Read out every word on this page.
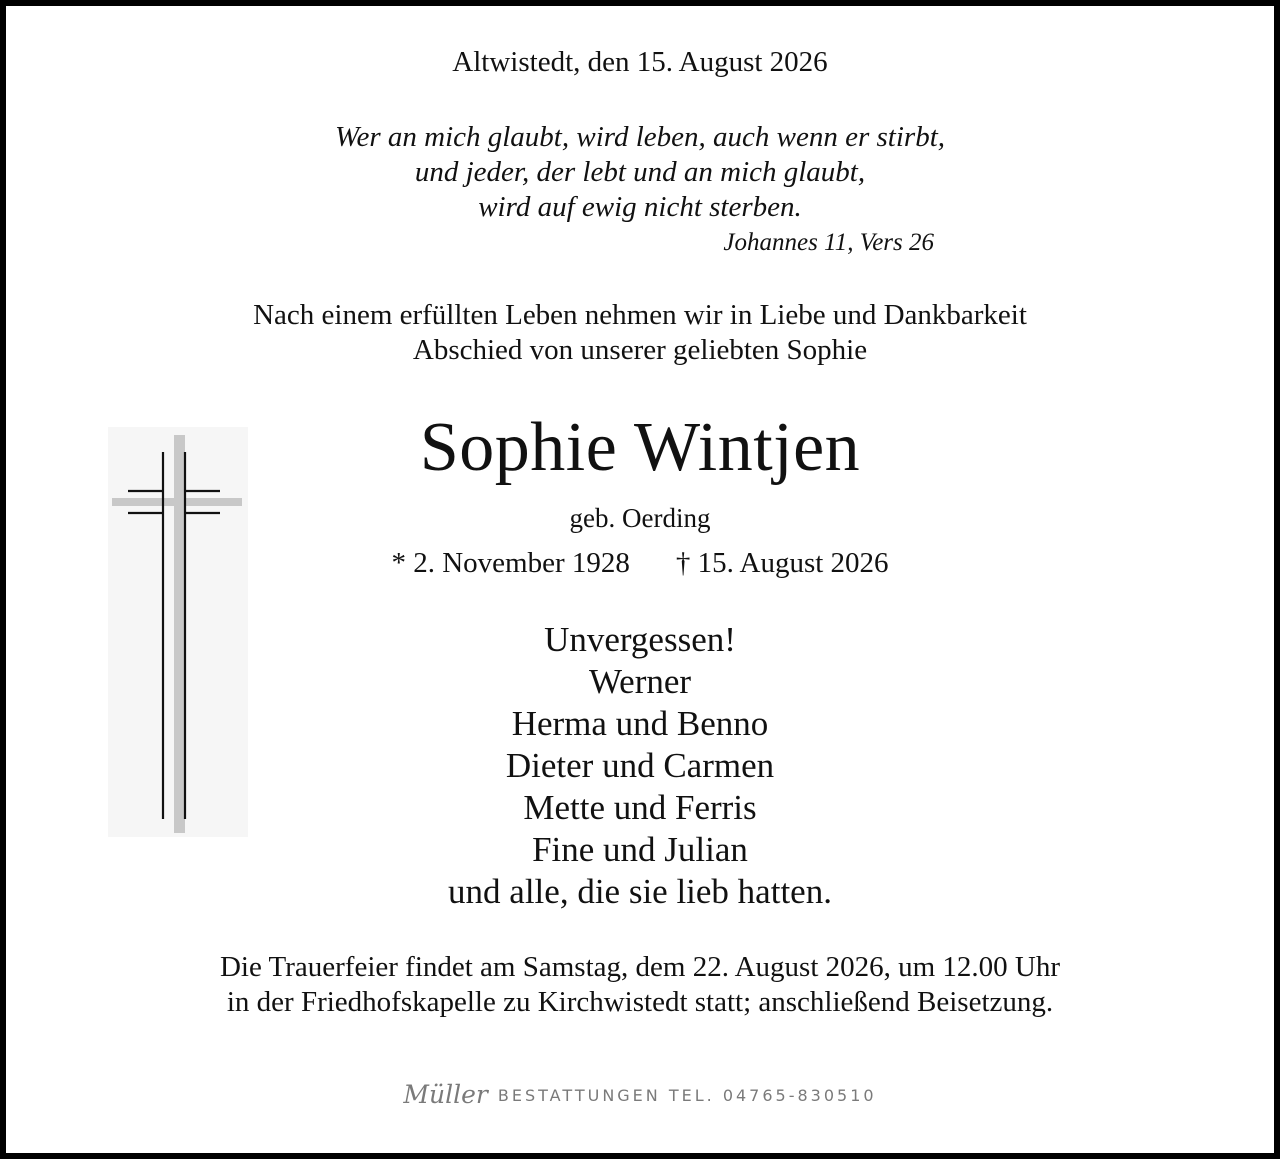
Altwistedt, den 15. August 2026
Wer an mich glaubt, wird leben, auch wenn er stirbt,
und jeder, der lebt und an mich glaubt,
wird auf ewig nicht sterben.
Johannes 11, Vers 26
Nach einem erfüllten Leben nehmen wir in Liebe und Dankbarkeit
Abschied von unserer geliebten Sophie
Sophie Wintjen
geb. Oerding
* 2. November 1928 † 15. August 2026
Unvergessen!
Werner
Herma und Benno
Dieter und Carmen
Mette und Ferris
Fine und Julian
und alle, die sie lieb hatten.
Die Trauerfeier findet am Samstag, dem 22. August 2026, um 12.00 Uhr
in der Friedhofskapelle zu Kirchwistedt statt; anschließend Beisetzung.
Müller BESTATTUNGEN TEL. 04765-830510
